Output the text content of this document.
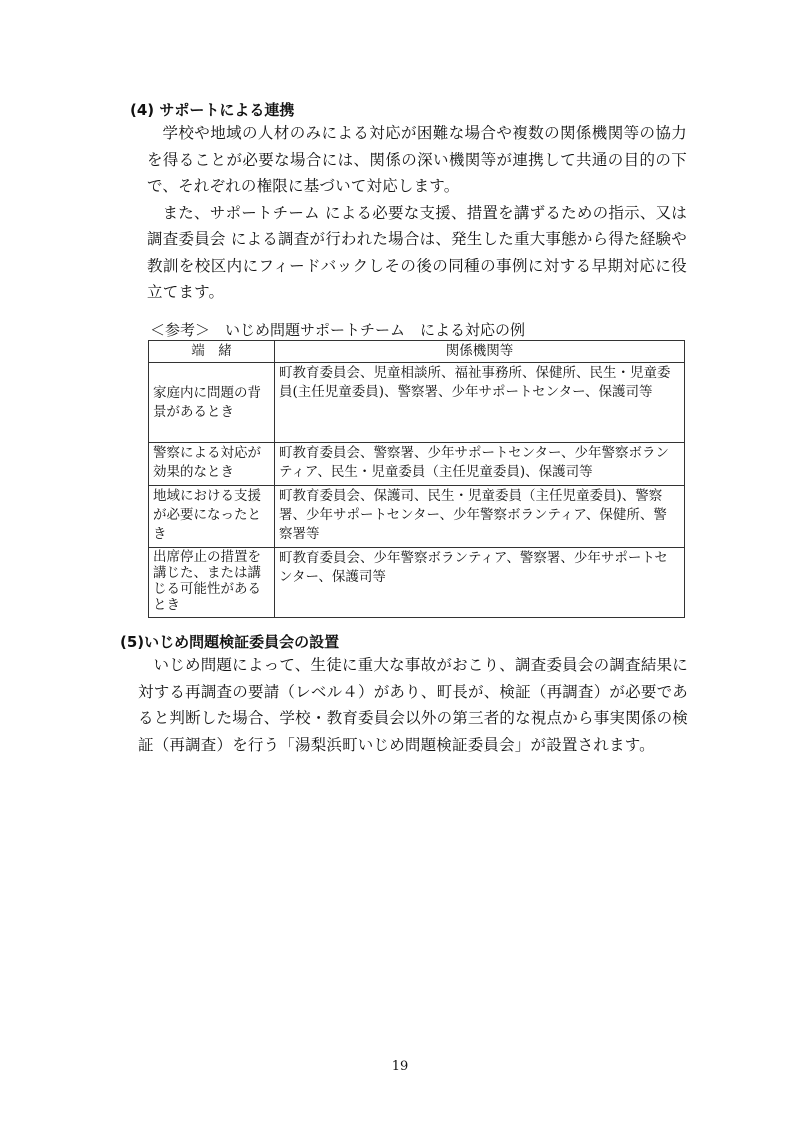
(4) サポートによる連携

学校や地域の人材のみによる対応が困難な場合や複数の関係機関等の協力を得ることが必要な場合には、関係の深い機関等が連携して共通の目的の下で、それぞれの権限に基づいて対応します。

また、サポートチーム による必要な支援、措置を講ずるための指示、又は 調査委員会 による調査が行われた場合は、発生した重大事態から得た経験や教訓を校区内にフィードバックしその後の同種の事例に対する早期対応に役立てます。

＜参考＞　いじめ問題サポートチーム　による対応の例
端　緒	関係機関等
家庭内に問題の背景があるとき	町教育委員会、児童相談所、福祉事務所、保健所、民生・児童委員(主任児童委員)、警察署、少年サポートセンター、保護司等
警察による対応が効果的なとき	町教育委員会、警察署、少年サポートセンター、少年警察ボランティア、民生・児童委員（主任児童委員)、保護司等
地域における支援が必要になったとき	町教育委員会、保護司、民生・児童委員（主任児童委員)、警察署、少年サポートセンター、少年警察ボランティア、保健所、警察署等
出席停止の措置を講じた、または講じる可能性があるとき	町教育委員会、少年警察ボランティア、警察署、少年サポートセンター、保護司等
(5)いじめ問題検証委員会の設置

いじめ問題によって、生徒に重大な事故がおこり、調査委員会の調査結果に対する再調査の要請（レベル４）があり、町長が、検証（再調査）が必要であると判断した場合、学校・教育委員会以外の第三者的な視点から事実関係の検証（再調査）を行う「湯梨浜町いじめ問題検証委員会」が設置されます。

19
